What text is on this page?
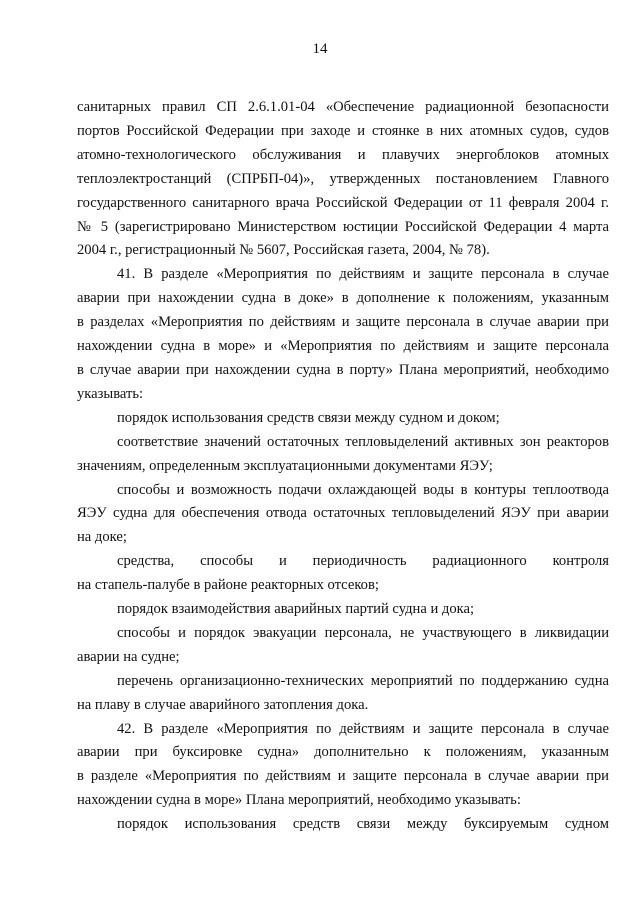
14
санитарных правил СП 2.6.1.01-04 «Обеспечение радиационной безопасности
портов Российской Федерации при заходе и стоянке в них атомных судов, судов
атомно-технологического обслуживания и плавучих энергоблоков атомных
теплоэлектростанций (СПРБП-04)», утвержденных постановлением Главного
государственного санитарного врача Российской Федерации от 11 февраля 2004 г.
№ 5 (зарегистрировано Министерством юстиции Российской Федерации 4 марта
2004 г., регистрационный № 5607, Российская газета, 2004, № 78).
41. В разделе «Мероприятия по действиям и защите персонала в случае
аварии при нахождении судна в доке» в дополнение к положениям, указанным
в разделах «Мероприятия по действиям и защите персонала в случае аварии при
нахождении судна в море» и «Мероприятия по действиям и защите персонала
в случае аварии при нахождении судна в порту» Плана мероприятий, необходимо
указывать:
порядок использования средств связи между судном и доком;
соответствие значений остаточных тепловыделений активных зон реакторов
значениям, определенным эксплуатационными документами ЯЭУ;
способы и возможность подачи охлаждающей воды в контуры теплоотвода
ЯЭУ судна для обеспечения отвода остаточных тепловыделений ЯЭУ при аварии
на доке;
средства, способы и периодичность радиационного контроля
на стапель-палубе в районе реакторных отсеков;
порядок взаимодействия аварийных партий судна и дока;
способы и порядок эвакуации персонала, не участвующего в ликвидации
аварии на судне;
перечень организационно-технических мероприятий по поддержанию судна
на плаву в случае аварийного затопления дока.
42. В разделе «Мероприятия по действиям и защите персонала в случае
аварии при буксировке судна» дополнительно к положениям, указанным
в разделе «Мероприятия по действиям и защите персонала в случае аварии при
нахождении судна в море» Плана мероприятий, необходимо указывать:
порядок использования средств связи между буксируемым судном
